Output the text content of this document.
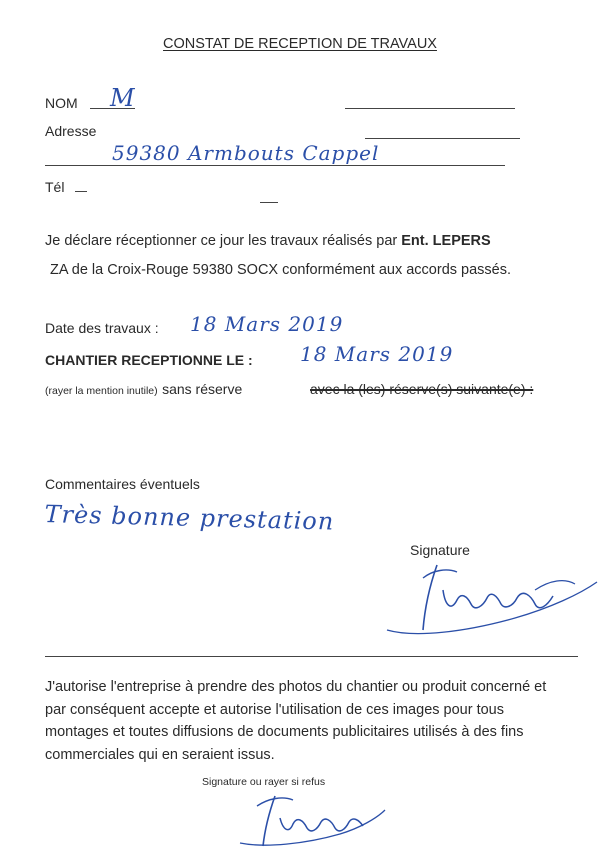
CONSTAT DE RECEPTION DE TRAVAUX
NOM M
Adresse
59380 Armbouts Cappel
Tél
Je déclare réceptionner ce jour les travaux réalisés par Ent. LEPERS
ZA de la Croix-Rouge 59380 SOCX conformément aux accords passés.
Date des travaux : 18 Mars 2019
CHANTIER RECEPTIONNE LE : 18 Mars 2019
(rayer la mention inutile) sans réserve	avec la (les) réserve(s) suivante(e) :
Commentaires éventuels
Très bonne prestation
Signature
J'autorise l'entreprise à prendre des photos du chantier ou produit concerné et par conséquent accepte et autorise l'utilisation de ces images pour tous montages et toutes diffusions de documents publicitaires utilisés à des fins commerciales qui en seraient issus.
Signature ou rayer si refus
